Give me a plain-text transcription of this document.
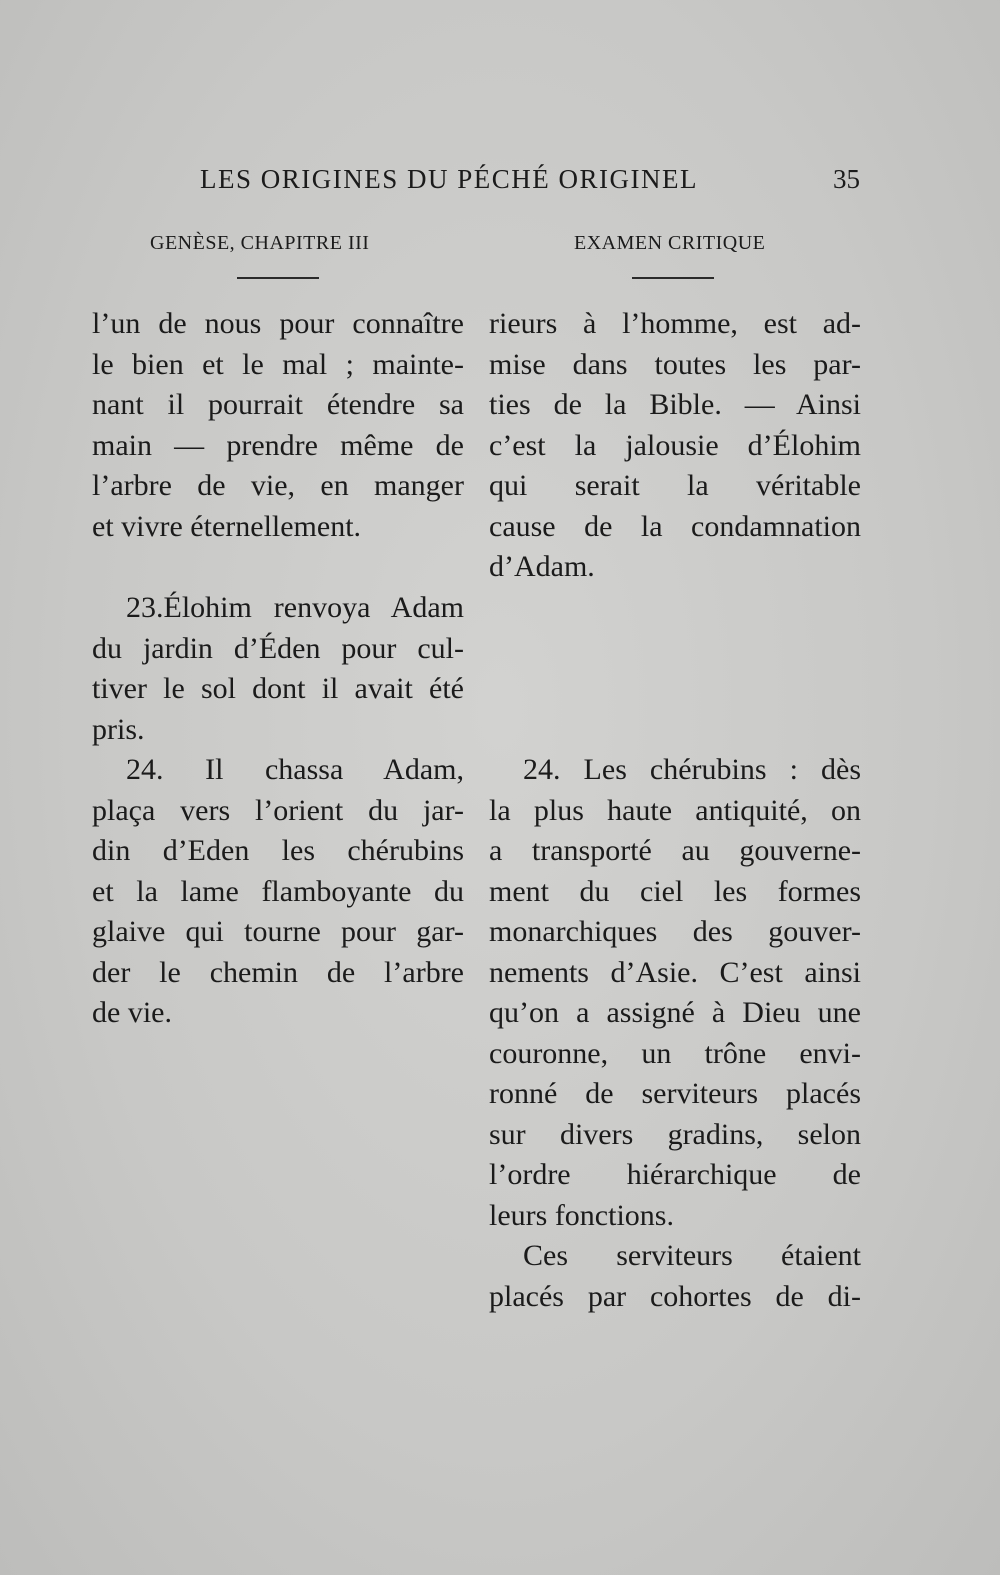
LES ORIGINES DU PÉCHÉ ORIGINEL	35
GENÈSE, CHAPITRE III	EXAMEN CRITIQUE
l’un de nous pour connaître
le bien et le mal ; mainte-
nant il pourrait étendre sa
main — prendre même de
l’arbre de vie, en manger
et vivre éternellement.
23.Élohim renvoya Adam
du jardin d’Éden pour cul-
tiver le sol dont il avait été
pris.
24. Il chassa Adam,
plaça vers l’orient du jar-
din d’Eden les chérubins
et la lame flamboyante du
glaive qui tourne pour gar-
der le chemin de l’arbre
de vie.
rieurs à l’homme, est ad-
mise dans toutes les par-
ties de la Bible. — Ainsi
c’est la jalousie d’Élohim
qui serait la véritable
cause de la condamnation
d’Adam.
24. Les chérubins : dès
la plus haute antiquité, on
a transporté au gouverne-
ment du ciel les formes
monarchiques des gouver-
nements d’Asie. C’est ainsi
qu’on a assigné à Dieu une
couronne, un trône envi-
ronné de serviteurs placés
sur divers gradins, selon
l’ordre hiérarchique de
leurs fonctions.
Ces serviteurs étaient
placés par cohortes de di-
